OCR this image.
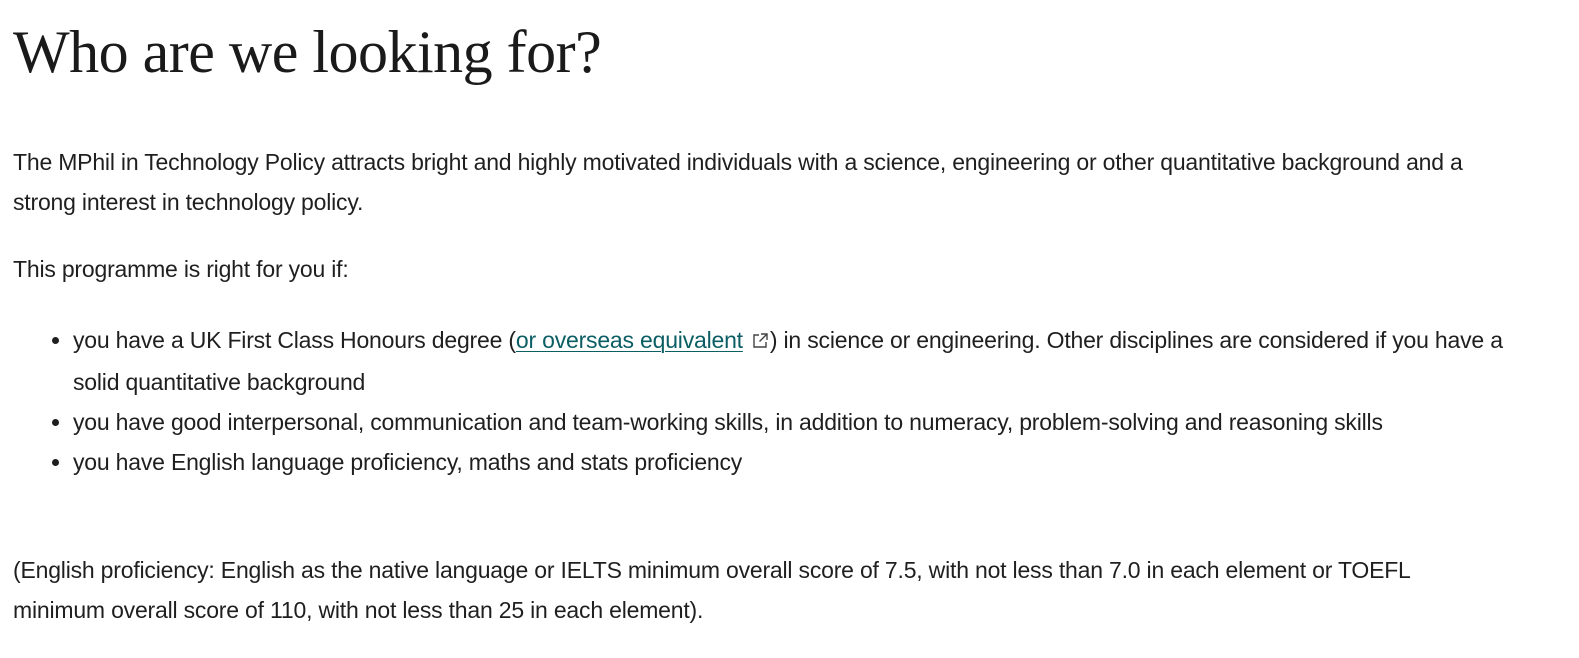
Who are we looking for?

The MPhil in Technology Policy attracts bright and highly motivated individuals with a science, engineering or other quantitative background and a strong interest in technology policy.

This programme is right for you if:

• you have a UK First Class Honours degree (or overseas equivalent ) in science or engineering. Other disciplines are considered if you have a solid quantitative background
• you have good interpersonal, communication and team-working skills, in addition to numeracy, problem-solving and reasoning skills
• you have English language proficiency, maths and stats proficiency

(English proficiency: English as the native language or IELTS minimum overall score of 7.5, with not less than 7.0 in each element or TOEFL minimum overall score of 110, with not less than 25 in each element).
